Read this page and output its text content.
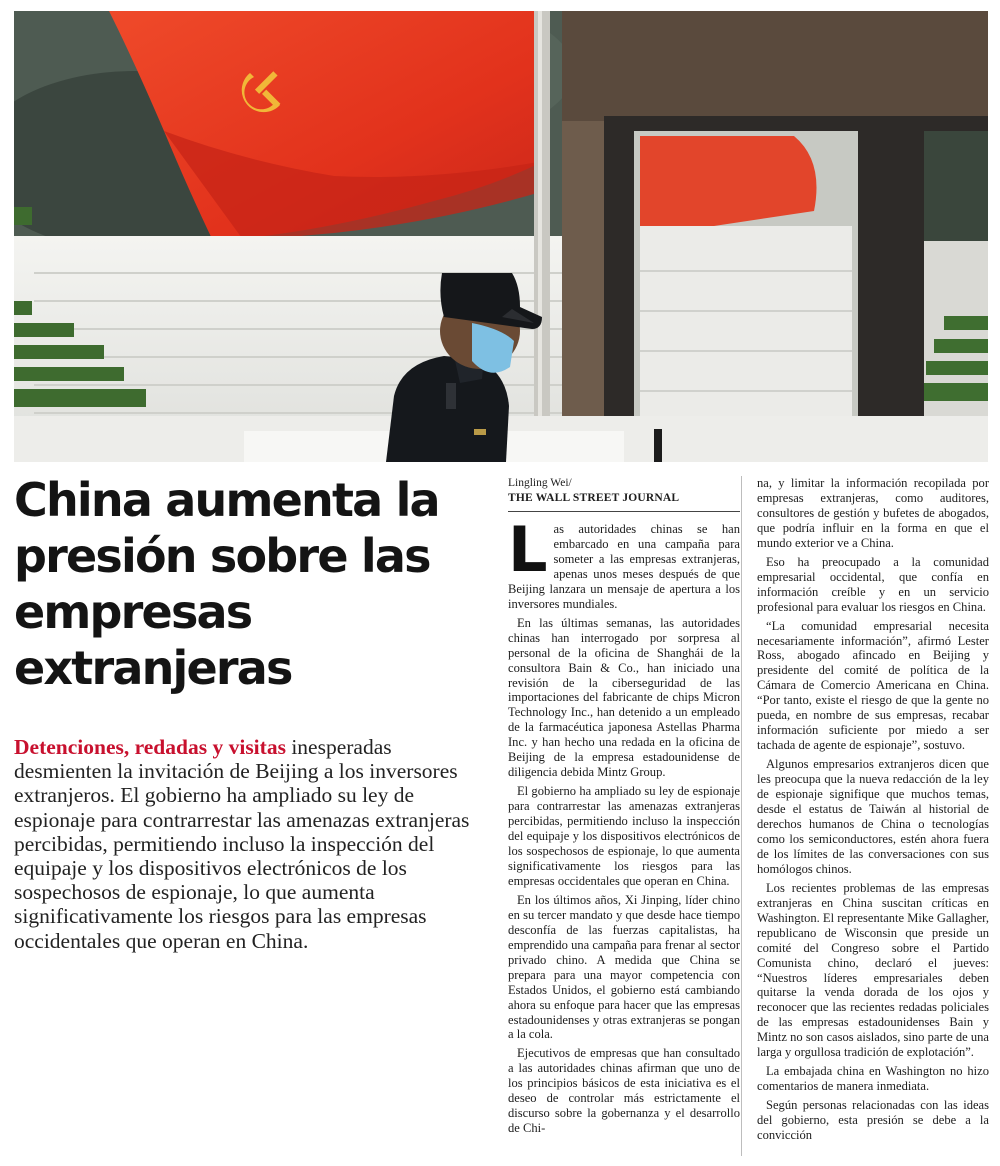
China aumenta la presión sobre las empresas extranjeras

Detenciones, redadas y visitas inesperadas desmienten la invitación de Beijing a los inversores extranjeros. El gobierno ha ampliado su ley de espionaje para contrarrestar las amenazas extranjeras percibidas, permitiendo incluso la inspección del equipaje y los dispositivos electrónicos de los sospechosos de espionaje, lo que aumenta significativamente los riesgos para las empresas occidentales que operan en China.

Lingling Wei/
THE WALL STREET JOURNAL

Las autoridades chinas se han embarcado en una campaña para someter a las empresas extranjeras, apenas unos meses después de que Beijing lanzara un mensaje de apertura a los inversores mundiales.

En las últimas semanas, las autoridades chinas han interrogado por sorpresa al personal de la oficina de Shanghái de la consultora Bain & Co., han iniciado una revisión de la ciberseguridad de las importaciones del fabricante de chips Micron Technology Inc., han detenido a un empleado de la farmacéutica japonesa Astellas Pharma Inc. y han hecho una redada en la oficina de Beijing de la empresa estadounidense de diligencia debida Mintz Group.

El gobierno ha ampliado su ley de espionaje para contrarrestar las amenazas extranjeras percibidas, permitiendo incluso la inspección del equipaje y los dispositivos electrónicos de los sospechosos de espionaje, lo que aumenta significativamente los riesgos para las empresas occidentales que operan en China.

En los últimos años, Xi Jinping, líder chino en su tercer mandato y que desde hace tiempo desconfía de las fuerzas capitalistas, ha emprendido una campaña para frenar al sector privado chino. A medida que China se prepara para una mayor competencia con Estados Unidos, el gobierno está cambiando ahora su enfoque para hacer que las empresas estadounidenses y otras extranjeras se pongan a la cola.

Ejecutivos de empresas que han consultado a las autoridades chinas afirman que uno de los principios básicos de esta iniciativa es el deseo de controlar más estrictamente el discurso sobre la gobernanza y el desarrollo de Chi-

na, y limitar la información recopilada por empresas extranjeras, como auditores, consultores de gestión y bufetes de abogados, que podría influir en la forma en que el mundo exterior ve a China.

Eso ha preocupado a la comunidad empresarial occidental, que confía en información creíble y en un servicio profesional para evaluar los riesgos en China.

“La comunidad empresarial necesita necesariamente información”, afirmó Lester Ross, abogado afincado en Beijing y presidente del comité de política de la Cámara de Comercio Americana en China. “Por tanto, existe el riesgo de que la gente no pueda, en nombre de sus empresas, recabar información suficiente por miedo a ser tachada de agente de espionaje”, sostuvo.

Algunos empresarios extranjeros dicen que les preocupa que la nueva redacción de la ley de espionaje signifique que muchos temas, desde el estatus de Taiwán al historial de derechos humanos de China o tecnologías como los semiconductores, estén ahora fuera de los límites de las conversaciones con sus homólogos chinos.

Los recientes problemas de las empresas extranjeras en China suscitan críticas en Washington. El representante Mike Gallagher, republicano de Wisconsin que preside un comité del Congreso sobre el Partido Comunista chino, declaró el jueves: “Nuestros líderes empresariales deben quitarse la venda dorada de los ojos y reconocer que las recientes redadas policiales de las empresas estadounidenses Bain y Mintz no son casos aislados, sino parte de una larga y orgullosa tradición de explotación”.

La embajada china en Washington no hizo comentarios de manera inmediata.

Según personas relacionadas con las ideas del gobierno, esta presión se debe a la convicción
